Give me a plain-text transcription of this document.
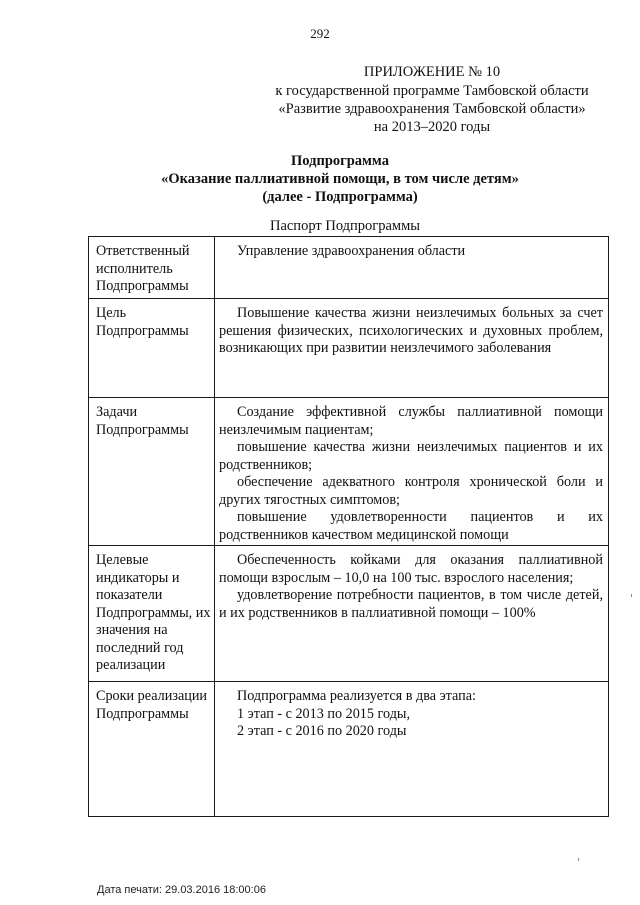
292
ПРИЛОЖЕНИЕ № 10
к государственной программе Тамбовской области
«Развитие здравоохранения Тамбовской области»
на 2013–2020 годы
Подпрограмма
«Оказание паллиативной помощи, в том числе детям»
(далее - Подпрограмма)
Паспорт Подпрограммы
Ответственный исполнитель Подпрограммы	Управление здравоохранения области

Цель Подпрограммы	Повышение качества жизни неизлечимых больных за счет решения физических, психологических и духовных проблем, возникающих при развитии неизлечимого заболевания

Задачи Подпрограммы	Создание эффективной службы паллиативной помощи неизлечимым пациентам;
повышение качества жизни неизлечимых пациентов и их родственников;
обеспечение адекватного контроля хронической боли и других тягостных симптомов;
повышение удовлетворенности пациентов и их родственников качеством медицинской помощи

Целевые индикаторы и показатели Подпрограммы, их значения на последний год реализации	Обеспеченность койками для оказания паллиативной помощи взрослым – 10,0 на 100 тыс. взрослого населения;
удовлетворение потребности пациентов, в том числе детей, и их родственников в паллиативной помощи – 100%

Сроки реализации Подпрограммы	Подпрограмма реализуется в два этапа:
1 этап - с 2013 по 2015 годы,
2 этап - с 2016 по 2020 годы
Дата печати: 29.03.2016 18:00:06
